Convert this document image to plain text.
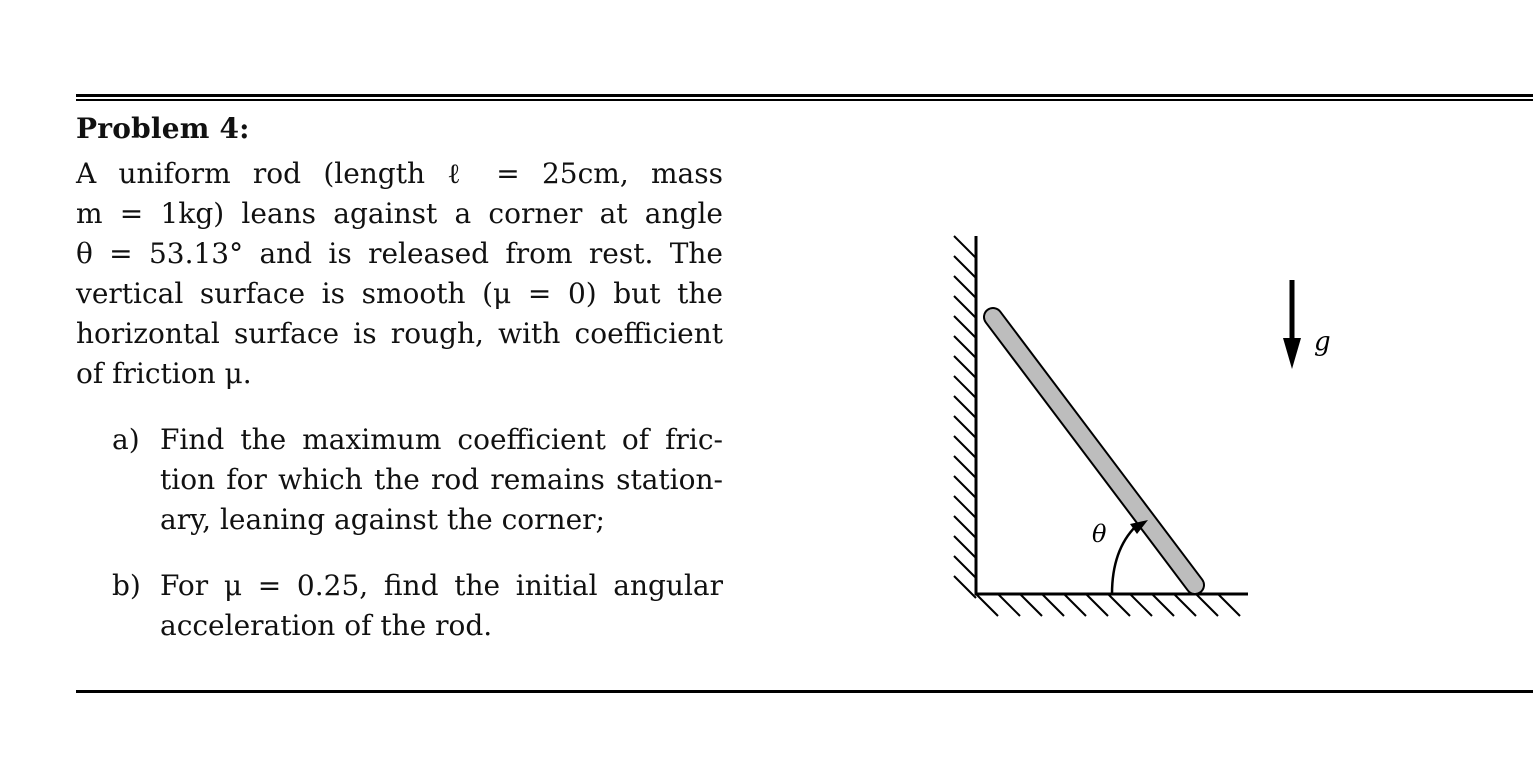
Problem 4:
A uniform rod (length ℓ = 25cm, mass
m = 1kg) leans against a corner at angle
θ = 53.13° and is released from rest. The
vertical surface is smooth (μ = 0) but the
horizontal surface is rough, with coefficient
of friction μ.
a) Find the maximum coefficient of fric-
tion for which the rod remains station-
ary, leaning against the corner;
b) For μ = 0.25, find the initial angular
acceleration of the rod.
θ
g
